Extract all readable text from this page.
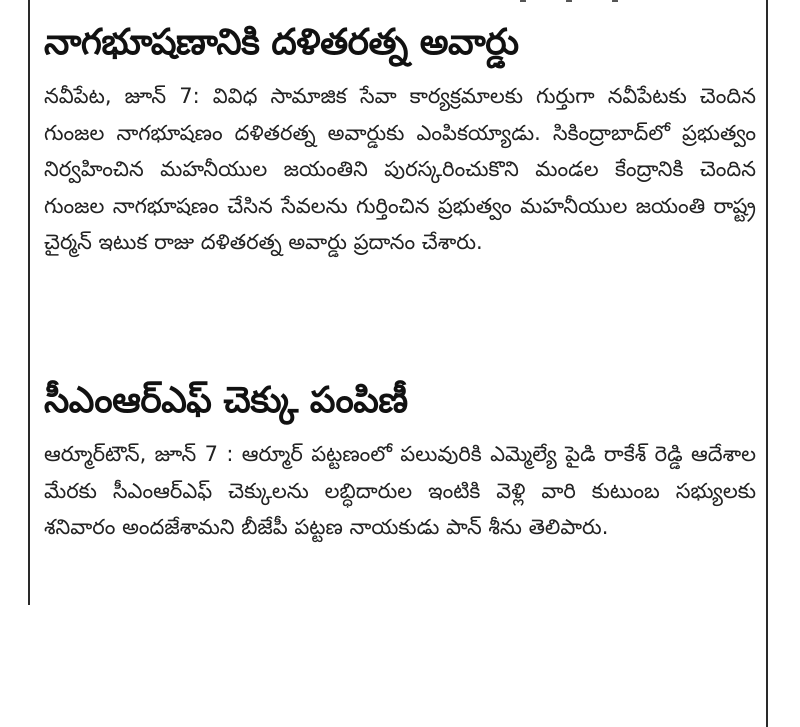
నాగభూషణానికి దళితరత్న అవార్డు

నవీపేట, జూన్ 7: వివిధ సామాజిక సేవా కార్యక్రమాలకు గుర్తుగా నవీపేటకు చెందిన గుంజల నాగభూషణం దళితరత్న అవార్డుకు ఎంపికయ్యాడు. సికింద్రాబాద్‌లో ప్రభుత్వం నిర్వహించిన మహనీయుల జయంతిని పురస్కరించుకొని మండల కేంద్రానికి చెందిన గుంజల నాగభూషణం చేసిన సేవలను గుర్తించిన ప్రభుత్వం మహనీయుల జయంతి రాష్ట్ర చైర్మన్ ఇటుక రాజు దళితరత్న అవార్డు ప్రదానం చేశారు.

సీఎంఆర్‌ఎఫ్ చెక్కు పంపిణీ

ఆర్మూర్‌టౌన్, జూన్ 7 : ఆర్మూర్ పట్టణంలో పలువురికి ఎమ్మెల్యే పైడి రాకేశ్ రెడ్డి ఆదేశాల మేరకు సీఎంఆర్‌ఎఫ్ చెక్కులను లబ్ధిదారుల ఇంటికి వెళ్లి వారి కుటుంబ సభ్యులకు శనివారం అందజేశామని బీజేపీ పట్టణ నాయకుడు పాన్ శీను తెలిపారు.
